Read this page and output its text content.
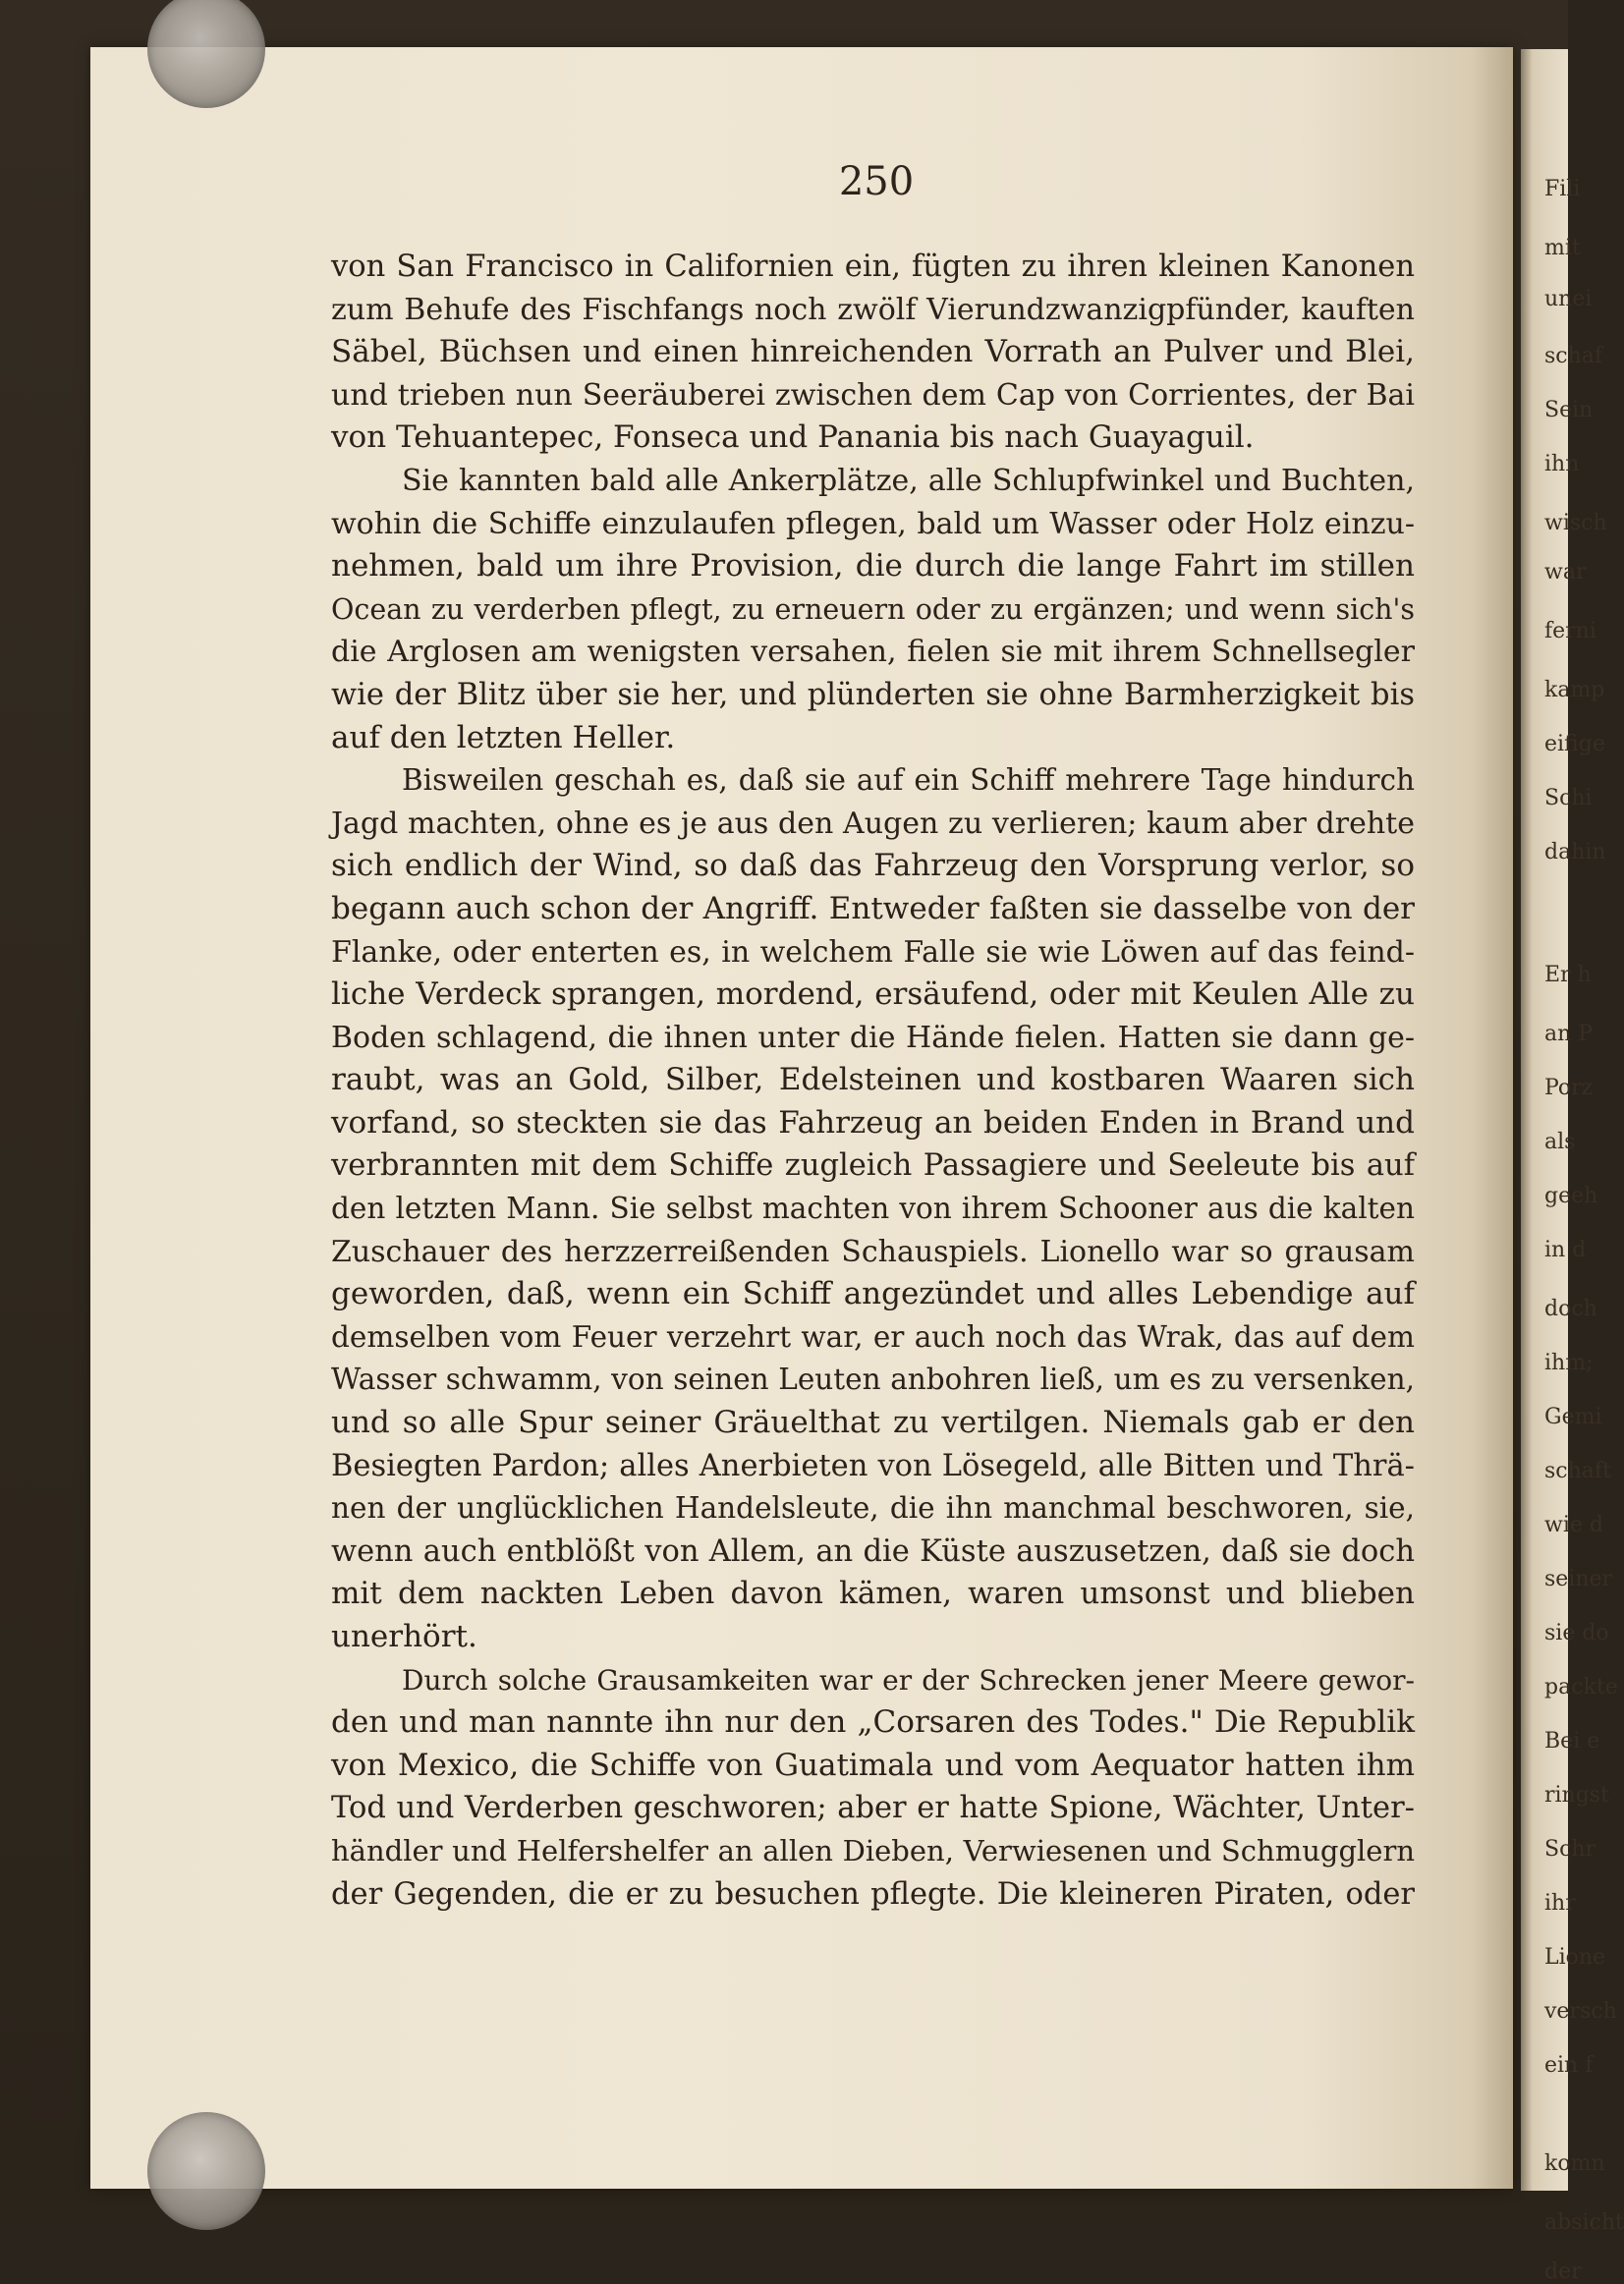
Fili
mit
unei
schaf
Sein
ihn
wisch
war
ferni
kamp
eifige
Schi
dahin
Er h
an P
Porz
als
geeh
in d
doch
ihm;
Gemi
schaft
wie d
seiner
sie do
packte
Bei e
ringst
Schr
ihr
Lione
versch
ein f
komn
absicht
der
250
von San Francisco in Californien ein, fügten zu ihren kleinen Kanonen
zum Behufe des Fischfangs noch zwölf Vierundzwanzigpfünder, kauften
Säbel, Büchsen und einen hinreichenden Vorrath an Pulver und Blei,
und trieben nun Seeräuberei zwischen dem Cap von Corrientes, der Bai
von Tehuantepec, Fonseca und Panania bis nach Guayaguil.
Sie kannten bald alle Ankerplätze, alle Schlupfwinkel und Buchten,
wohin die Schiffe einzulaufen pflegen, bald um Wasser oder Holz einzu-
nehmen, bald um ihre Provision, die durch die lange Fahrt im stillen
Ocean zu verderben pflegt, zu erneuern oder zu ergänzen; und wenn sich's
die Arglosen am wenigsten versahen, fielen sie mit ihrem Schnellsegler
wie der Blitz über sie her, und plünderten sie ohne Barmherzigkeit bis
auf den letzten Heller.
Bisweilen geschah es, daß sie auf ein Schiff mehrere Tage hindurch
Jagd machten, ohne es je aus den Augen zu verlieren; kaum aber drehte
sich endlich der Wind, so daß das Fahrzeug den Vorsprung verlor, so
begann auch schon der Angriff. Entweder faßten sie dasselbe von der
Flanke, oder enterten es, in welchem Falle sie wie Löwen auf das feind-
liche Verdeck sprangen, mordend, ersäufend, oder mit Keulen Alle zu
Boden schlagend, die ihnen unter die Hände fielen. Hatten sie dann ge-
raubt, was an Gold, Silber, Edelsteinen und kostbaren Waaren sich
vorfand, so steckten sie das Fahrzeug an beiden Enden in Brand und
verbrannten mit dem Schiffe zugleich Passagiere und Seeleute bis auf
den letzten Mann. Sie selbst machten von ihrem Schooner aus die kalten
Zuschauer des herzzerreißenden Schauspiels. Lionello war so grausam
geworden, daß, wenn ein Schiff angezündet und alles Lebendige auf
demselben vom Feuer verzehrt war, er auch noch das Wrak, das auf dem
Wasser schwamm, von seinen Leuten anbohren ließ, um es zu versenken,
und so alle Spur seiner Gräuelthat zu vertilgen. Niemals gab er den
Besiegten Pardon; alles Anerbieten von Lösegeld, alle Bitten und Thrä-
nen der unglücklichen Handelsleute, die ihn manchmal beschworen, sie,
wenn auch entblößt von Allem, an die Küste auszusetzen, daß sie doch
mit dem nackten Leben davon kämen, waren umsonst und blieben
unerhört.
Durch solche Grausamkeiten war er der Schrecken jener Meere gewor-
den und man nannte ihn nur den „Corsaren des Todes." Die Republik
von Mexico, die Schiffe von Guatimala und vom Aequator hatten ihm
Tod und Verderben geschworen; aber er hatte Spione, Wächter, Unter-
händler und Helfershelfer an allen Dieben, Verwiesenen und Schmugglern
der Gegenden, die er zu besuchen pflegte. Die kleineren Piraten, oder
